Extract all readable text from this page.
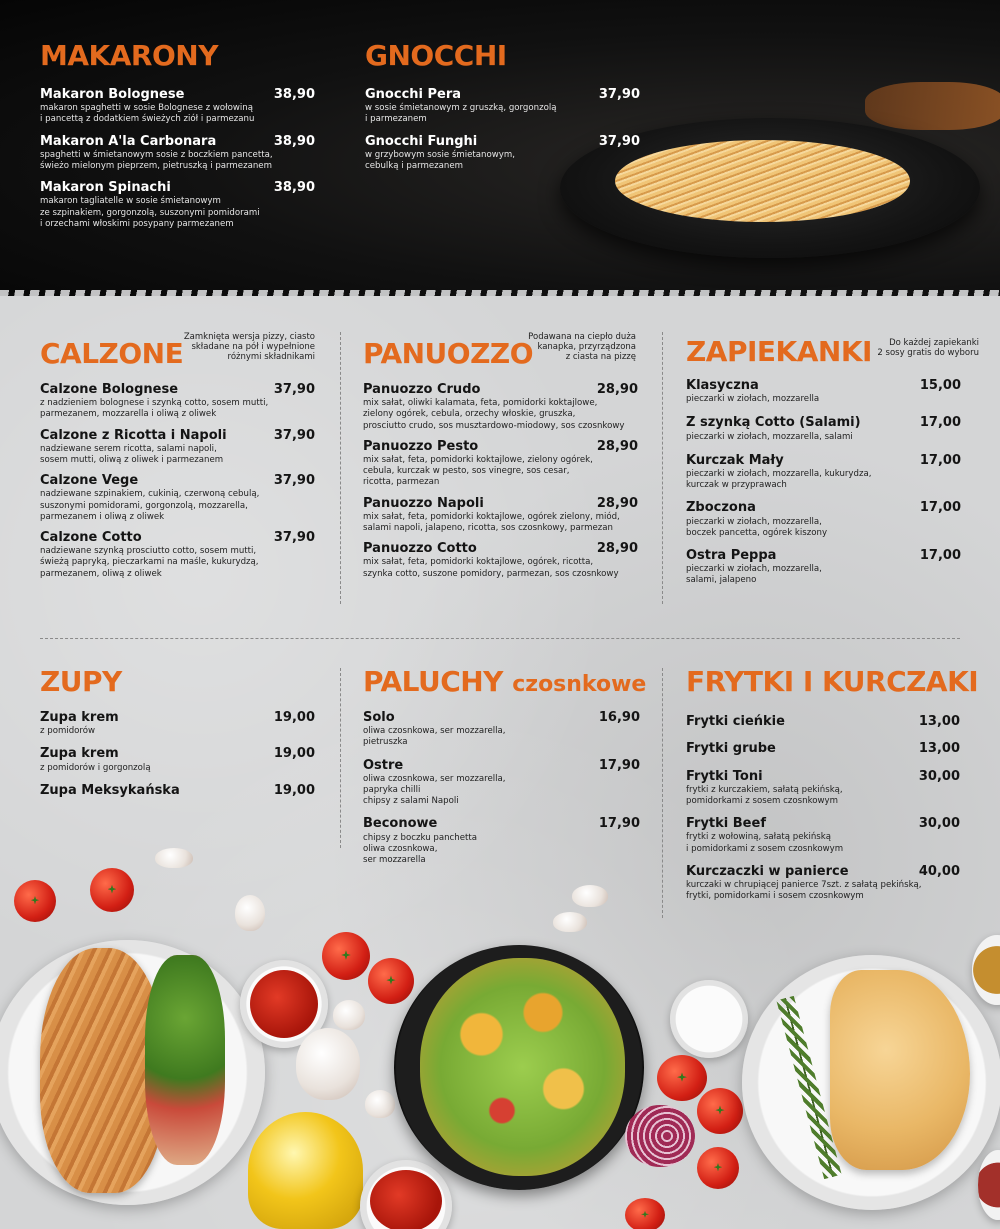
MAKARONY
Makaron Bolognese	38,90
makaron spaghetti w sosie Bolognese z wołowiną
i pancettą z dodatkiem świeżych ziół i parmezanu
Makaron A'la Carbonara	38,90
spaghetti w śmietanowym sosie z boczkiem pancetta,
świeżo mielonym pieprzem, pietruszką i parmezanem
Makaron Spinachi	38,90
makaron tagliatelle w sosie śmietanowym
ze szpinakiem, gorgonzolą, suszonymi pomidorami
i orzechami włoskimi posypany parmezanem
GNOCCHI
Gnocchi Pera	37,90
w sosie śmietanowym z gruszką, gorgonzolą
i parmezanem
Gnocchi Funghi	37,90
w grzybowym sosie śmietanowym,
cebulką i parmezanem
CALZONE Zamknięta wersja pizzy, ciasto
składane na pół i wypełnione
różnymi składnikami
Calzone Bolognese	37,90
z nadzieniem bolognese i szynką cotto, sosem mutti,
parmezanem, mozzarella i oliwą z oliwek
Calzone z Ricotta i Napoli	37,90
nadziewane serem ricotta, salami napoli,
sosem mutti, oliwą z oliwek i parmezanem
Calzone Vege	37,90
nadziewane szpinakiem, cukinią, czerwoną cebulą,
suszonymi pomidorami, gorgonzolą, mozzarella,
parmezanem i oliwą z oliwek
Calzone Cotto	37,90
nadziewane szynką prosciutto cotto, sosem mutti,
świeżą papryką, pieczarkami na maśle, kukurydzą,
parmezanem, oliwą z oliwek
PANUOZZO
Podawana na ciepło duża
kanapka, przyrządzona
z ciasta na pizzę
Panuozzo Crudo	28,90
mix sałat, oliwki kalamata, feta, pomidorki koktajlowe,
zielony ogórek, cebula, orzechy włoskie, gruszka,
prosciutto crudo, sos musztardowo-miodowy, sos czosnkowy
Panuozzo Pesto	28,90
mix sałat, feta, pomidorki koktajlowe, zielony ogórek,
cebula, kurczak w pesto, sos vinegre, sos cesar,
ricotta, parmezan
Panuozzo Napoli	28,90
mix sałat, feta, pomidorki koktajlowe, ogórek zielony, miód,
salami napoli, jalapeno, ricotta, sos czosnkowy, parmezan
Panuozzo Cotto	28,90
mix sałat, feta, pomidorki koktajlowe, ogórek, ricotta,
szynka cotto, suszone pomidory, parmezan, sos czosnkowy
ZAPIEKANKI	Do każdej zapiekanki
2 sosy gratis do wyboru
Klasyczna	15,00
pieczarki w ziołach, mozzarella
Z szynką Cotto (Salami)	17,00
pieczarki w ziołach, mozzarella, salami
Kurczak Mały	17,00
pieczarki w ziołach, mozzarella, kukurydza,
kurczak w przyprawach
Zboczona	17,00
pieczarki w ziołach, mozzarella,
boczek pancetta, ogórek kiszony
Ostra Peppa	17,00
pieczarki w ziołach, mozzarella,
salami, jalapeno
ZUPY
Zupa krem	19,00
z pomidorów
Zupa krem	19,00
z pomidorów i gorgonzolą
Zupa Meksykańska	19,00
PALUCHY czosnkowe
Solo	16,90
oliwa czosnkowa, ser mozzarella,
pietruszka
Ostre	17,90
oliwa czosnkowa, ser mozzarella,
papryka chilli
chipsy z salami Napoli
Beconowe	17,90
chipsy z boczku panchetta
oliwa czosnkowa,
ser mozzarella
FRYTKI I KURCZAKI
Frytki cieńkie	13,00
Frytki grube	13,00
Frytki Toni	30,00
frytki z kurczakiem, sałatą pekińską,
pomidorkami z sosem czosnkowym
Frytki Beef	30,00
frytki z wołowiną, sałatą pekińską
i pomidorkami z sosem czosnkowym
Kurczaczki w panierce	40,00
kurczaki w chrupiącej panierce 7szt. z sałatą pekińską,
frytki, pomidorkami i sosem czosnkowym
